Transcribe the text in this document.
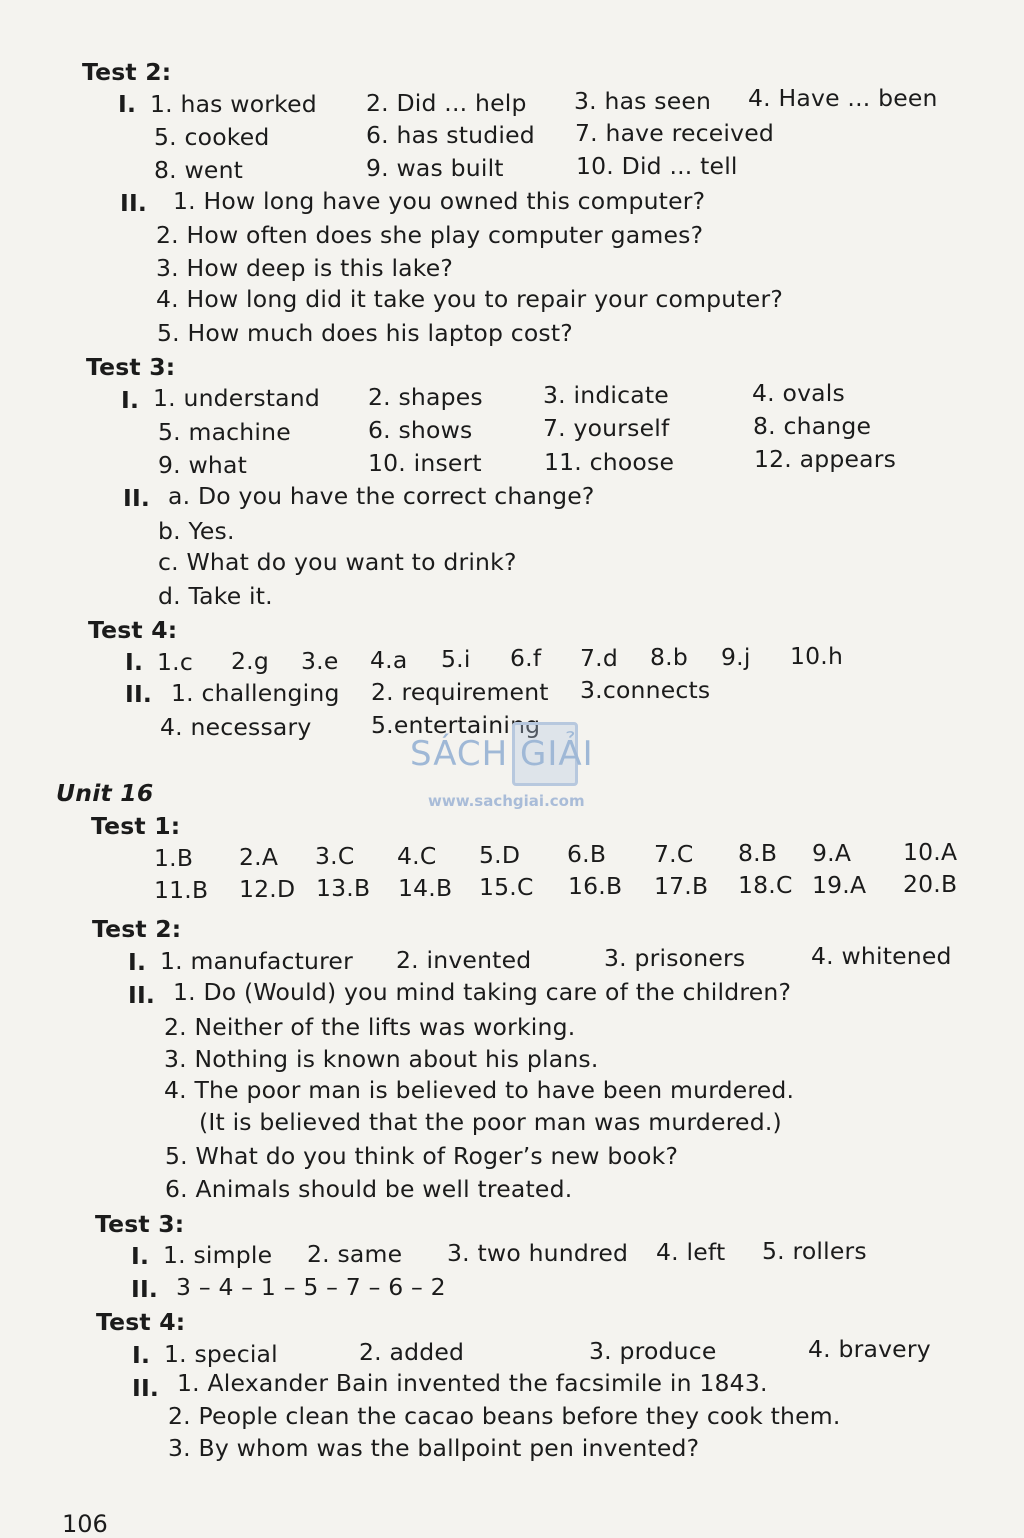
Test 2:
I. 1. has worked 2. Did ... help 3. has seen 4. Have ... been
5. cooked	6. has studied 7. have received
8. went	9. was built	10. Did ... tell
II. 1. How long have you owned this computer?
2. How often does she play computer games?
3. How deep is this lake?
4. How long did it take you to repair your computer?
5. How much does his laptop cost?
Test 3:
I. 1. understand 2. shapes	3. indicate	4. ovals
5. machine	6. shows	7. yourself	8. change
9. what	10. insert	11. choose	12. appears
II. a. Do you have the correct change?
b. Yes.
c. What do you want to drink?
d. Take it.
Test 4:
I. 1.c 2.g 3.e 4.a 5.i 6.f 7.d 8.b 9.j 10.h
II. 1. challenging 2. requirement 3.connects
4. necessary	5.entertaining
Unit 16
Test 1:
1.B 2.A 3.C 4.C 5.D 6.B 7.C 8.B 9.A 10.A
11.B 12.D 13.B 14.B 15.C 16.B 17.B 18.C 19.A 20.B
Test 2:
I. 1. manufacturer 2. invented	3. prisoners	4. whitened
II. 1. Do (Would) you mind taking care of the children?
2. Neither of the lifts was working.
3. Nothing is known about his plans.
4. The poor man is believed to have been murdered.
(It is believed that the poor man was murdered.)
5. What do you think of Roger’s new book?
6. Animals should be well treated.
Test 3:
I. 1. simple 2. same 3. two hundred 4. left 5. rollers
II. 3 – 4 – 1 – 5 – 7 – 6 – 2
Test 4:
I. 1. special	2. added	3. produce	4. bravery
II. 1. Alexander Bain invented the facsimile in 1843.
2. People clean the cacao beans before they cook them.
3. By whom was the ballpoint pen invented?
SÁCH GIẢI
www.sachgiai.com
106
